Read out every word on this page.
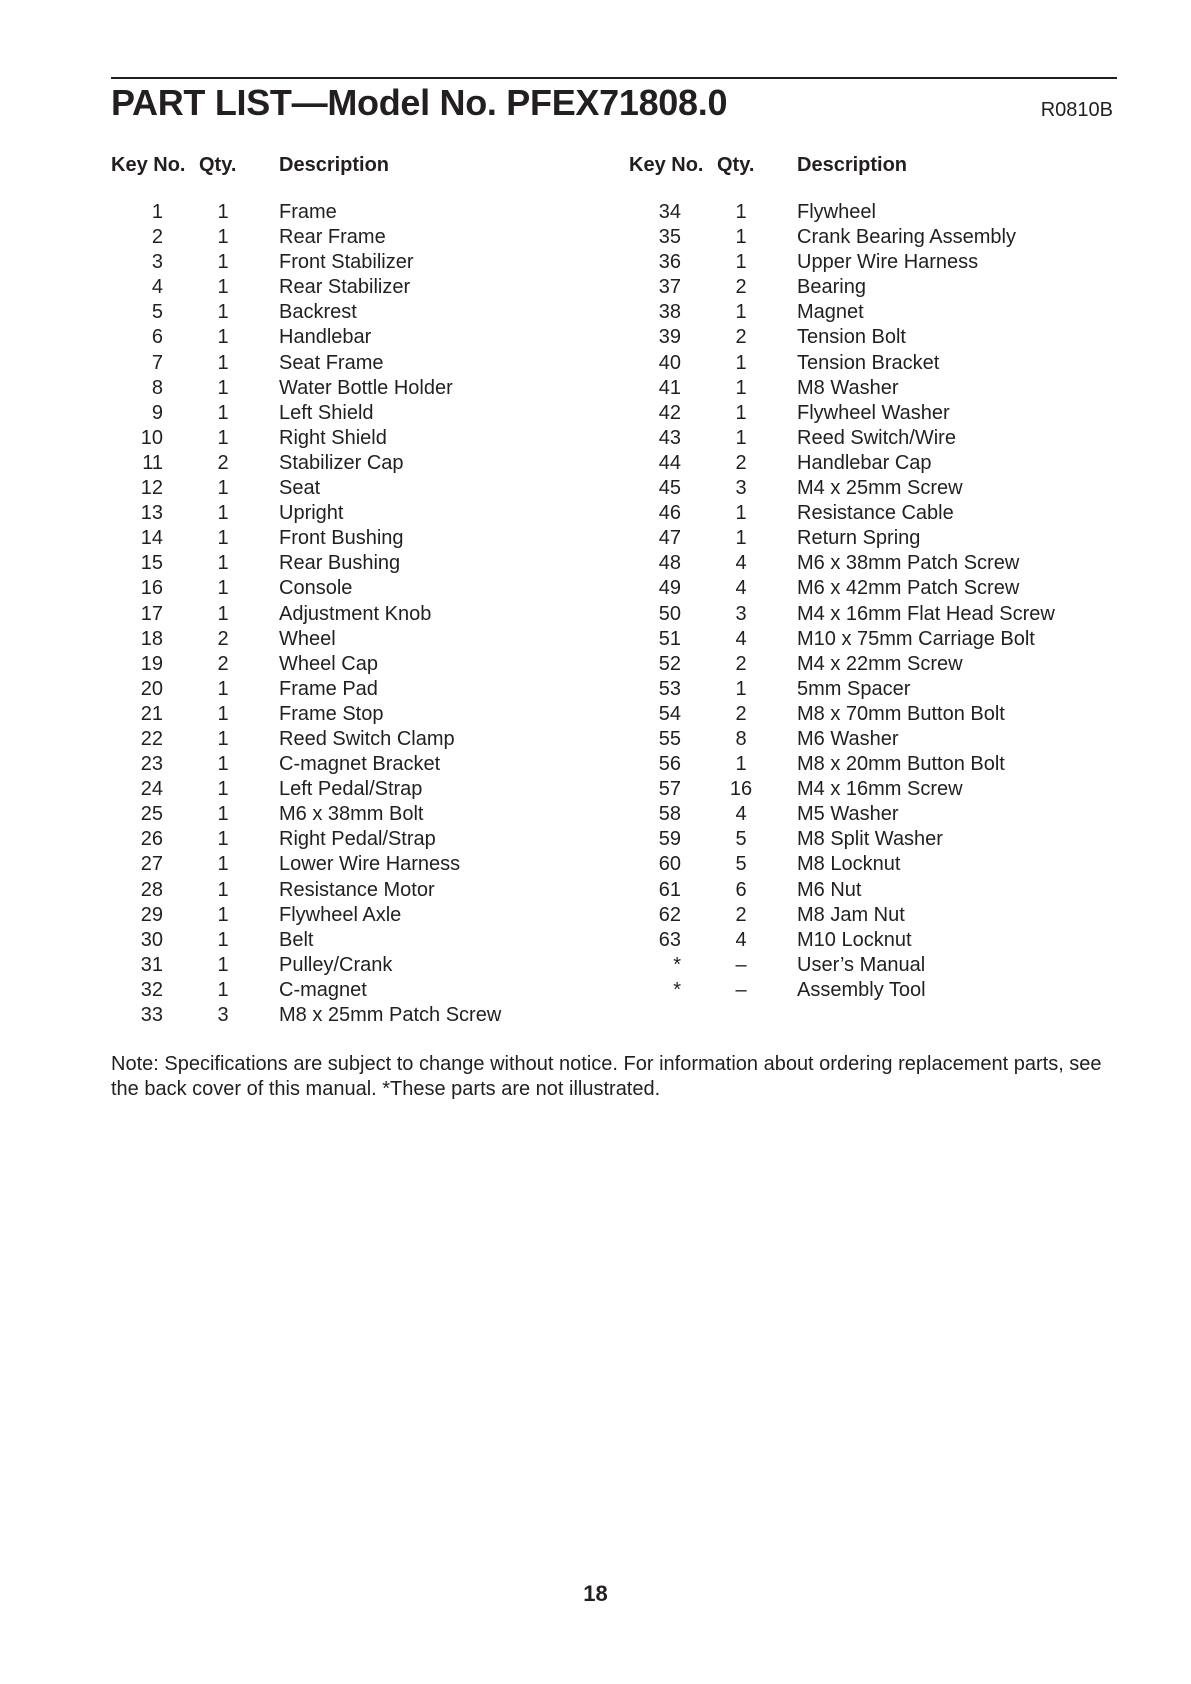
PART LIST—Model No. PFEX71808.0	R0810B
Key No. Qty. Description
1	1	Frame
2	1	Rear Frame
3	1	Front Stabilizer
4	1	Rear Stabilizer
5	1	Backrest
6	1	Handlebar
7	1	Seat Frame
8	1	Water Bottle Holder
9	1	Left Shield
10	1	Right Shield
11	2	Stabilizer Cap
12	1	Seat
13	1	Upright
14	1	Front Bushing
15	1	Rear Bushing
16	1	Console
17	1	Adjustment Knob
18	2	Wheel
19	2	Wheel Cap
20	1	Frame Pad
21	1	Frame Stop
22	1	Reed Switch Clamp
23	1	C-magnet Bracket
24	1	Left Pedal/Strap
25	1	M6 x 38mm Bolt
26	1	Right Pedal/Strap
27	1	Lower Wire Harness
28	1	Resistance Motor
29	1	Flywheel Axle
30	1	Belt
31	1	Pulley/Crank
32	1	C-magnet
33	3	M8 x 25mm Patch Screw
Key No. Qty. Description
34	1	Flywheel
35	1	Crank Bearing Assembly
36	1	Upper Wire Harness
37	2	Bearing
38	1	Magnet
39	2	Tension Bolt
40	1	Tension Bracket
41	1	M8 Washer
42	1	Flywheel Washer
43	1	Reed Switch/Wire
44	2	Handlebar Cap
45	3	M4 x 25mm Screw
46	1	Resistance Cable
47	1	Return Spring
48	4	M6 x 38mm Patch Screw
49	4	M6 x 42mm Patch Screw
50	3	M4 x 16mm Flat Head Screw
51	4	M10 x 75mm Carriage Bolt
52	2	M4 x 22mm Screw
53	1	5mm Spacer
54	2	M8 x 70mm Button Bolt
55	8	M6 Washer
56	1	M8 x 20mm Button Bolt
57	16	M4 x 16mm Screw
58	4	M5 Washer
59	5	M8 Split Washer
60	5	M8 Locknut
61	6	M6 Nut
62	2	M8 Jam Nut
63	4	M10 Locknut
*	–	User’s Manual
*	–	Assembly Tool
Note: Specifications are subject to change without notice. For information about ordering replacement parts, see the back cover of this manual. *These parts are not illustrated.
18
